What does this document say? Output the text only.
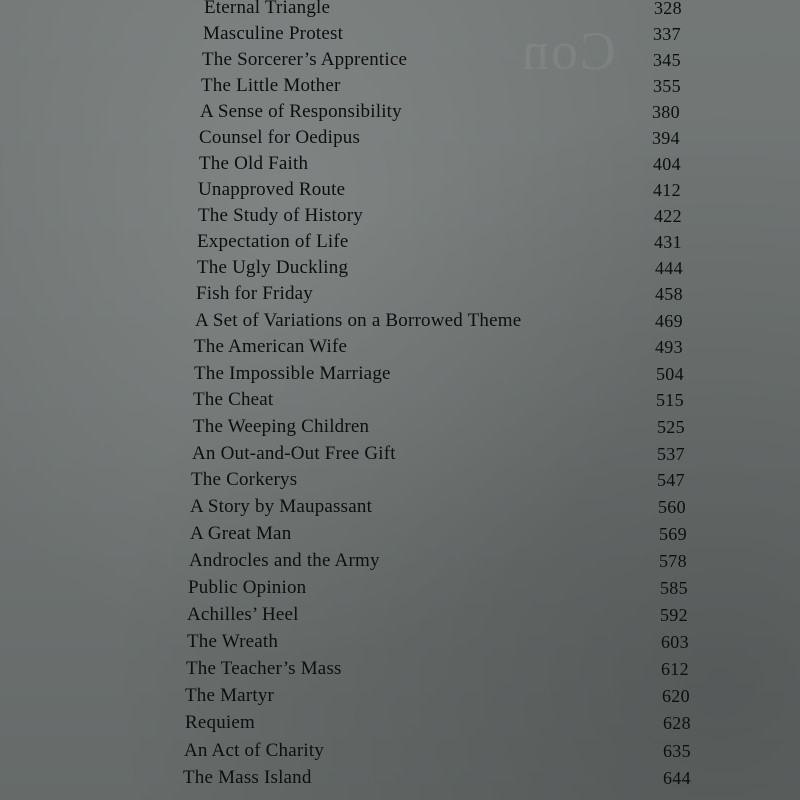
Con
Eternal Triangle	328
Masculine Protest	337
The Sorcerer’s Apprentice	345
The Little Mother	355
A Sense of Responsibility	380
Counsel for Oedipus	394
The Old Faith	404
Unapproved Route	412
The Study of History	422
Expectation of Life	431
The Ugly Duckling	444
Fish for Friday	458
A Set of Variations on a Borrowed Theme	469
The American Wife	493
The Impossible Marriage	504
The Cheat	515
The Weeping Children	525
An Out-and-Out Free Gift	537
The Corkerys	547
A Story by Maupassant	560
A Great Man	569
Androcles and the Army	578
Public Opinion	585
Achilles’ Heel	592
The Wreath	603
The Teacher’s Mass	612
The Martyr	620
Requiem	628
An Act of Charity	635
The Mass Island	644
